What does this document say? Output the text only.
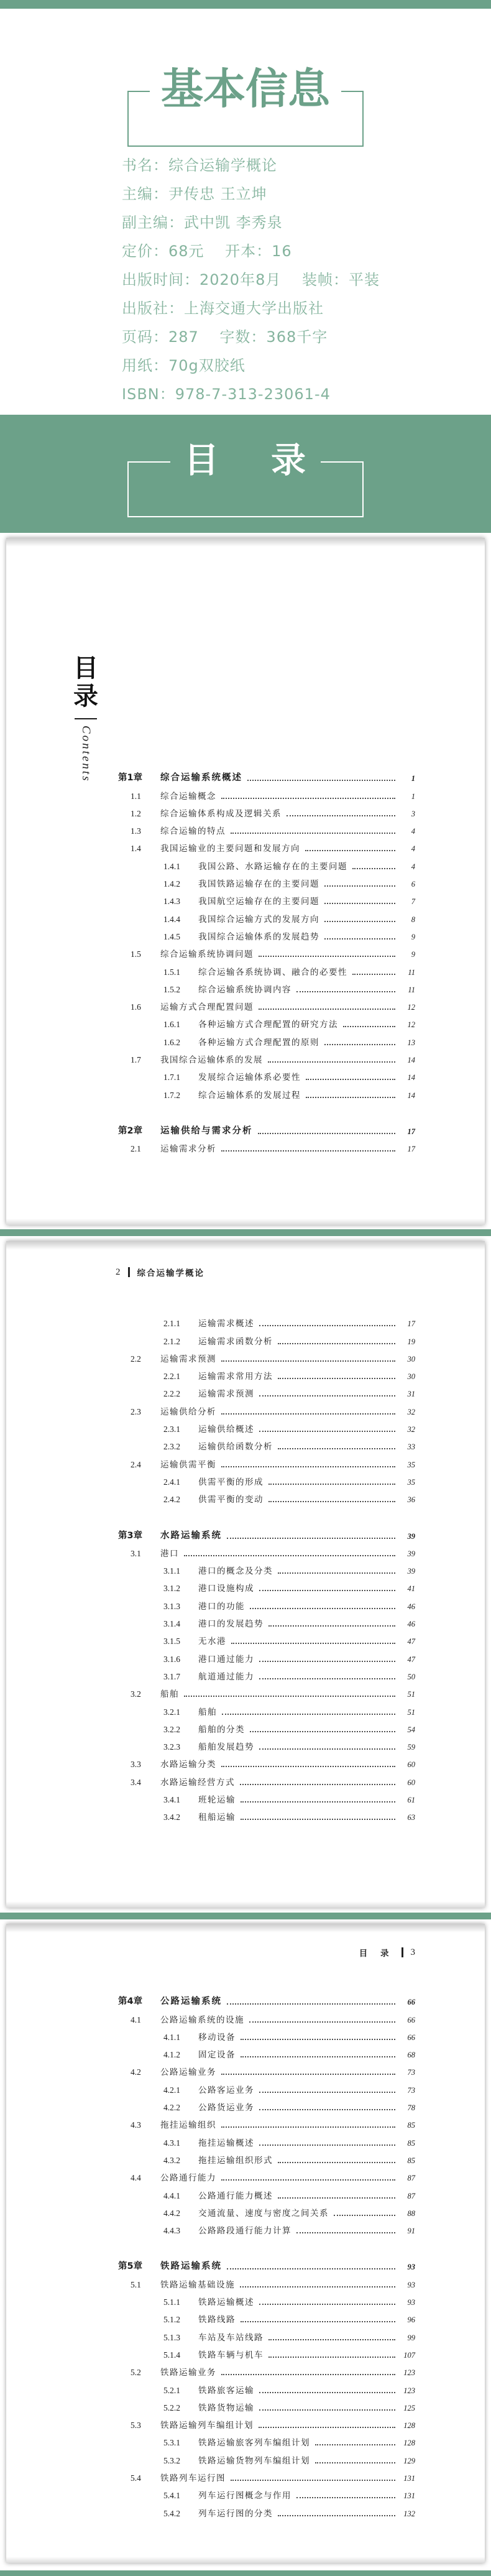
基本信息
书名：综合运输学概论
主编：尹传忠 王立坤
副主编：武中凯 李秀泉
定价：68元　 开本：16
出版时间：2020年8月　 装帧：平装
出版社：上海交通大学出版社
页码：287　 字数：368千字
用纸：70g双胶纸
ISBN：978-7-313-23061-4
目　录
目
录
Contents	第1章	综合运输系统概述	1
1.1	综合运输概念	1
1.2	综合运输体系构成及逻辑关系	3
1.3	综合运输的特点	4
1.4	我国运输业的主要问题和发展方向	4
1.4.1	我国公路、水路运输存在的主要问题	4
1.4.2	我国铁路运输存在的主要问题	6
1.4.3	我国航空运输存在的主要问题	7
1.4.4	我国综合运输方式的发展方向	8
1.4.5	我国综合运输体系的发展趋势	9
1.5	综合运输系统协调问题	9
1.5.1	综合运输各系统协调、融合的必要性	11
1.5.2	综合运输系统协调内容	11
1.6	运输方式合理配置问题	12
1.6.1	各种运输方式合理配置的研究方法	12
1.6.2	各种运输方式合理配置的原则	13
1.7	我国综合运输体系的发展	14
1.7.1	发展综合运输体系必要性	14
1.7.2	综合运输体系的发展过程	14
第2章	运输供给与需求分析	17
2.1	运输需求分析	17
2 综合运输学概论
2.1.1	运输需求概述	17
2.1.2	运输需求函数分析	19
2.2	运输需求预测	30
2.2.1	运输需求常用方法	30
2.2.2	运输需求预测	31
2.3	运输供给分析	32
2.3.1	运输供给概述	32
2.3.2	运输供给函数分析	33
2.4	运输供需平衡	35
2.4.1	供需平衡的形成	35
2.4.2	供需平衡的变动	36
第3章	水路运输系统	39
3.1	港口	39
3.1.1	港口的概念及分类	39
3.1.2	港口设施构成	41
3.1.3	港口的功能	46
3.1.4	港口的发展趋势	46
3.1.5	无水港	47
3.1.6	港口通过能力	47
3.1.7	航道通过能力	50
3.2	船舶	51
3.2.1	船舶	51
3.2.2	船舶的分类	54
3.2.3	船舶发展趋势	59
3.3	水路运输分类	60
3.4	水路运输经营方式	60
3.4.1	班轮运输	61
3.4.2	租船运输	63
目 录 3
第4章	公路运输系统	66
4.1	公路运输系统的设施	66
4.1.1	移动设备	66
4.1.2	固定设备	68
4.2	公路运输业务	73
4.2.1	公路客运业务	73
4.2.2	公路货运业务	78
4.3	拖挂运输组织	85
4.3.1	拖挂运输概述	85
4.3.2	拖挂运输组织形式	85
4.4	公路通行能力	87
4.4.1	公路通行能力概述	87
4.4.2	交通流量、速度与密度之间关系	88
4.4.3	公路路段通行能力计算	91
第5章	铁路运输系统	93
5.1	铁路运输基础设施	93
5.1.1	铁路运输概述	93
5.1.2	铁路线路	96
5.1.3	车站及车站线路	99
5.1.4	铁路车辆与机车	107
5.2	铁路运输业务	123
5.2.1	铁路旅客运输	123
5.2.2	铁路货物运输	125
5.3	铁路运输列车编组计划	128
5.3.1	铁路运输旅客列车编组计划	128
5.3.2	铁路运输货物列车编组计划	129
5.4	铁路列车运行图	131
5.4.1	列车运行图概念与作用	131
5.4.2	列车运行图的分类	132
